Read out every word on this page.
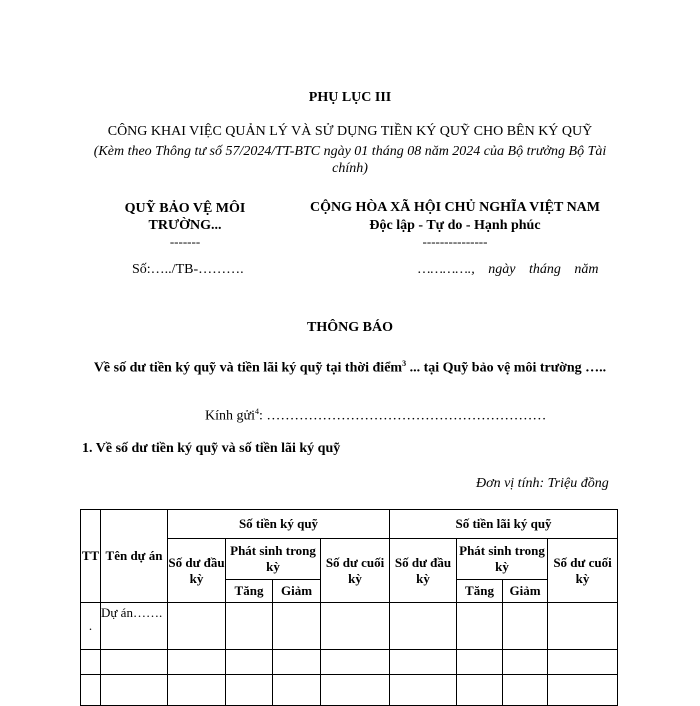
PHỤ LỤC III
CÔNG KHAI VIỆC QUẢN LÝ VÀ SỬ DỤNG TIỀN KÝ QUỸ CHO BÊN KÝ QUỸ
(Kèm theo Thông tư số 57/2024/TT-BTC ngày 01 tháng 08 năm 2024 của Bộ trưởng Bộ Tài chính)
QUỸ BẢO VỆ MÔI TRƯỜNG...
-------
CỘNG HÒA XÃ HỘI CHỦ NGHĨA VIỆT NAM
Độc lập - Tự do - Hạnh phúc
---------------
Số:…../TB-……….	…………., ngày tháng năm
THÔNG BÁO
Về số dư tiền ký quỹ và tiền lãi ký quỹ tại thời điểm$^3$ ... tại Quỹ bảo vệ môi trường …..
Kính gửi$^4$: ……………………………………………………
1. Về số dư tiền ký quỹ và số tiền lãi ký quỹ
Đơn vị tính: Triệu đồng
TT	Tên dự án	Số tiền ký quỹ				Số tiền lãi ký quỹ			
		Số dư đầu kỳ	Phát sinh trong kỳ		Số dư cuối kỳ	Số dư đầu kỳ	Phát sinh trong kỳ		Số dư cuối kỳ
			Tăng	Giảm			Tăng	Giảm	
.	Dự án…….								
